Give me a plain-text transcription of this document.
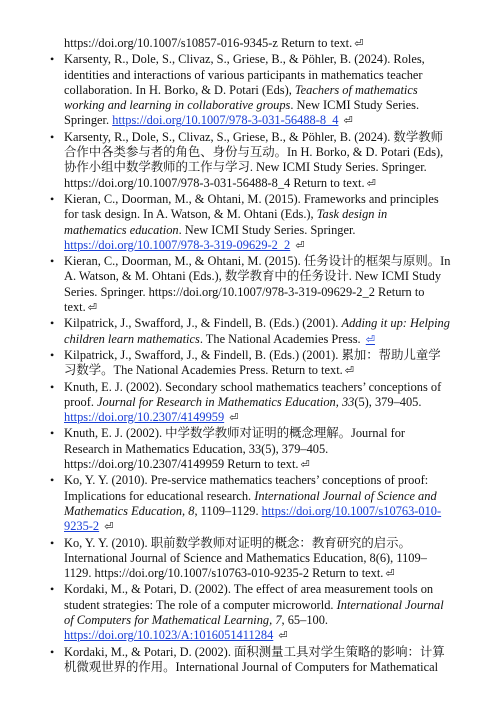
https://doi.org/10.1007/s10857-016-9345-z Return to text. ⏎
• Karsenty, R., Dole, S., Clivaz, S., Griese, B., & Pöhler, B. (2024). Roles, identities and interactions of various participants in mathematics teacher collaboration. In H. Borko, & D. Potari (Eds), Teachers of mathematics working and learning in collaborative groups. New ICMI Study Series. Springer. https://doi.org/10.1007/978-3-031-56488-8_4 ⏎
• Karsenty, R., Dole, S., Clivaz, S., Griese, B., & Pöhler, B. (2024). 数学教师合作中各类参与者的角色、身份与互动。In H. Borko, & D. Potari (Eds), 协作小组中数学教师的工作与学习. New ICMI Study Series. Springer. https://doi.org/10.1007/978-3-031-56488-8_4 Return to text. ⏎
• Kieran, C., Doorman, M., & Ohtani, M. (2015). Frameworks and principles for task design. In A. Watson, & M. Ohtani (Eds.), Task design in mathematics education. New ICMI Study Series. Springer. https://doi.org/10.1007/978-3-319-09629-2_2 ⏎
• Kieran, C., Doorman, M., & Ohtani, M. (2015). 任务设计的框架与原则。In A. Watson, & M. Ohtani (Eds.), 数学教育中的任务设计. New ICMI Study Series. Springer. https://doi.org/10.1007/978-3-319-09629-2_2 Return to text. ⏎
• Kilpatrick, J., Swafford, J., & Findell, B. (Eds.) (2001). Adding it up: Helping children learn mathematics. The National Academies Press. ⏎
• Kilpatrick, J., Swafford, J., & Findell, B. (Eds.) (2001). 累加：帮助儿童学习数学。The National Academies Press. Return to text. ⏎
• Knuth, E. J. (2002). Secondary school mathematics teachers’ conceptions of proof. Journal for Research in Mathematics Education, 33(5), 379–405. https://doi.org/10.2307/4149959 ⏎
• Knuth, E. J. (2002). 中学数学教师对证明的概念理解。Journal for Research in Mathematics Education, 33(5), 379–405. https://doi.org/10.2307/4149959 Return to text. ⏎
• Ko, Y. Y. (2010). Pre-service mathematics teachers’ conceptions of proof: Implications for educational research. International Journal of Science and Mathematics Education, 8, 1109–1129. https://doi.org/10.1007/s10763-010-9235-2 ⏎
• Ko, Y. Y. (2010). 职前数学教师对证明的概念：教育研究的启示。International Journal of Science and Mathematics Education, 8(6), 1109–1129. https://doi.org/10.1007/s10763-010-9235-2 Return to text. ⏎
• Kordaki, M., & Potari, D. (2002). The effect of area measurement tools on student strategies: The role of a computer microworld. International Journal of Computers for Mathematical Learning, 7, 65–100. https://doi.org/10.1023/A:1016051411284 ⏎
• Kordaki, M., & Potari, D. (2002). 面积测量工具对学生策略的影响：计算机微观世界的作用。International Journal of Computers for Mathematical
